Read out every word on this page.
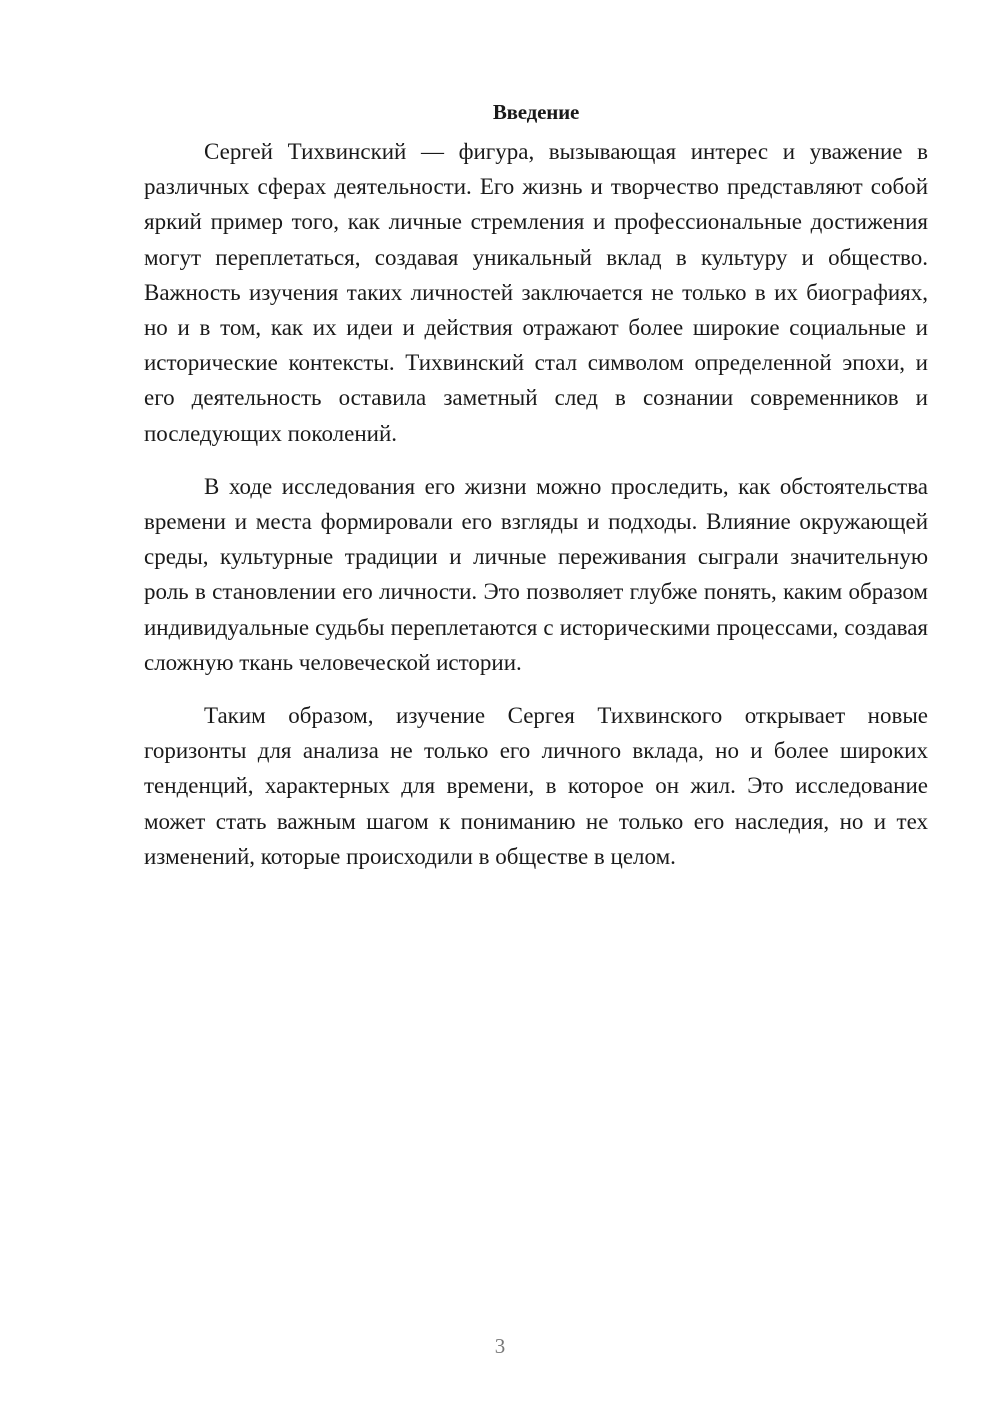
Введение

Сергей Тихвинский — фигура, вызывающая интерес и уважение в различных сферах деятельности. Его жизнь и творчество представляют собой яркий пример того, как личные стремления и профессиональные достижения могут переплетаться, создавая уникальный вклад в культуру и общество. Важность изучения таких личностей заключается не только в их биографиях, но и в том, как их идеи и действия отражают более широкие социальные и исторические контексты. Тихвинский стал символом определенной эпохи, и его деятельность оставила заметный след в сознании современников и последующих поколений.

В ходе исследования его жизни можно проследить, как обстоятельства времени и места формировали его взгляды и подходы. Влияние окружающей среды, культурные традиции и личные переживания сыграли значительную роль в становлении его личности. Это позволяет глубже понять, каким образом индивидуальные судьбы переплетаются с историческими процессами, создавая сложную ткань человеческой истории.

Таким образом, изучение Сергея Тихвинского открывает новые горизонты для анализа не только его личного вклада, но и более широких тенденций, характерных для времени, в которое он жил. Это исследование может стать важным шагом к пониманию не только его наследия, но и тех изменений, которые происходили в обществе в целом.

3
